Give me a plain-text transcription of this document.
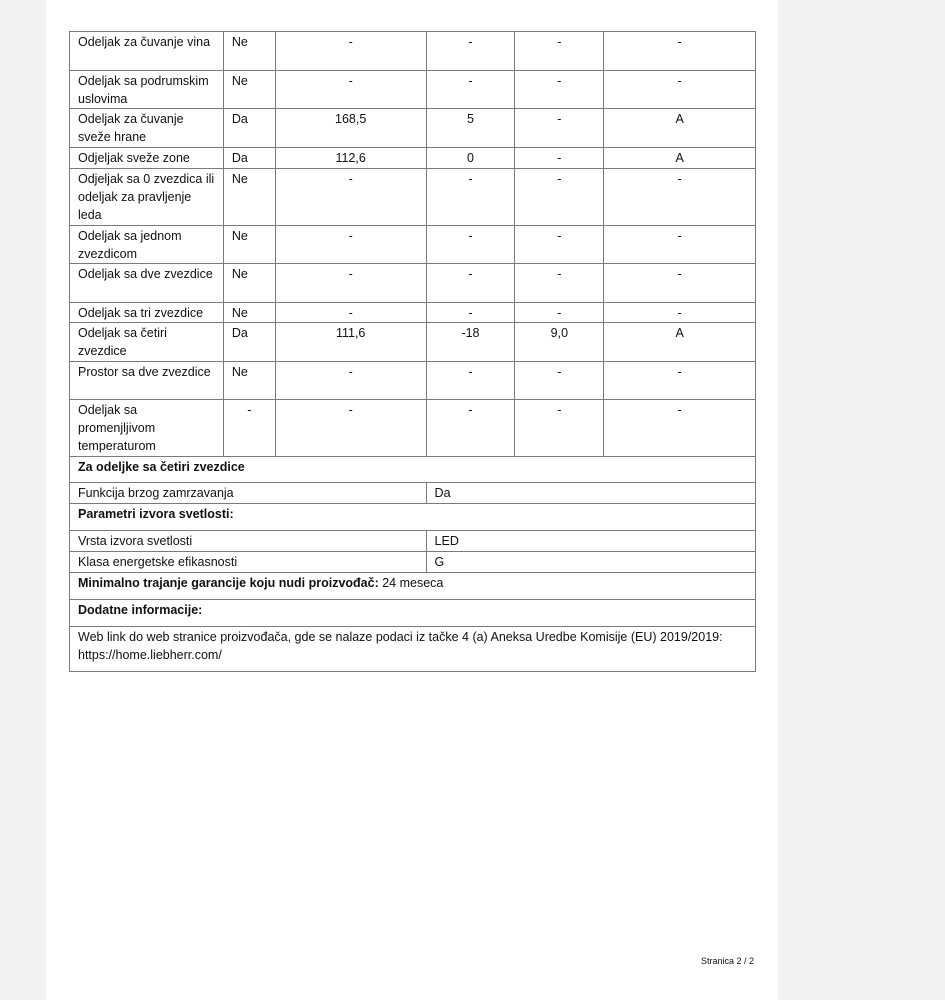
Odeljak za čuvanje vina	Ne	-	-	-	-
Odeljak sa podrumskim uslovima	Ne	-	-	-	-
Odeljak za čuvanje sveže hrane	Da	168,5	5	-	A
Odjeljak sveže zone	Da	112,6	0	-	A
Odjeljak sa 0 zvezdica ili odeljak za pravljenje leda	Ne	-	-	-	-
Odeljak sa jednom zvezdicom	Ne	-	-	-	-
Odeljak sa dve zvezdice	Ne	-	-	-	-
Odeljak sa tri zvezdice	Ne	-	-	-	-
Odeljak sa četiri zvezdice	Da	111,6	-18	9,0	A
Prostor sa dve zvezdice	Ne	-	-	-	-
Odeljak sa promenjljivom temperaturom	-	-	-	-	-
Za odeljke sa četiri zvezdice					
Funkcija brzog zamrzavanja			Da		
Parametri izvora svetlosti:					
Vrsta izvora svetlosti			LED		
Klasa energetske efikasnosti			G		
Minimalno trajanje garancije koju nudi proizvođač: 24 meseca					
Dodatne informacije:					
Web link do web stranice proizvođača, gde se nalaze podaci iz tačke 4 (a) Aneksa Uredbe Komisije (EU) 2019/2019: https://home.liebherr.com/					
Stranica 2 / 2
